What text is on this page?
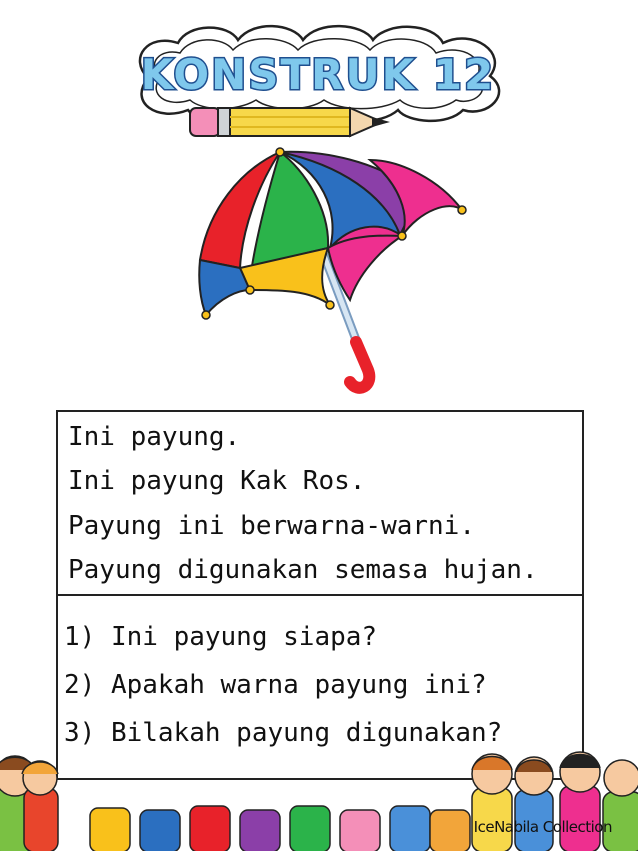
KONSTRUK 12
Ini payung.
Ini payung Kak Ros.
Payung ini berwarna-warni.
Payung digunakan semasa hujan.
1) Ini payung siapa?
2) Apakah warna payung ini?
3) Bilakah payung digunakan?
IceNabila Collection
